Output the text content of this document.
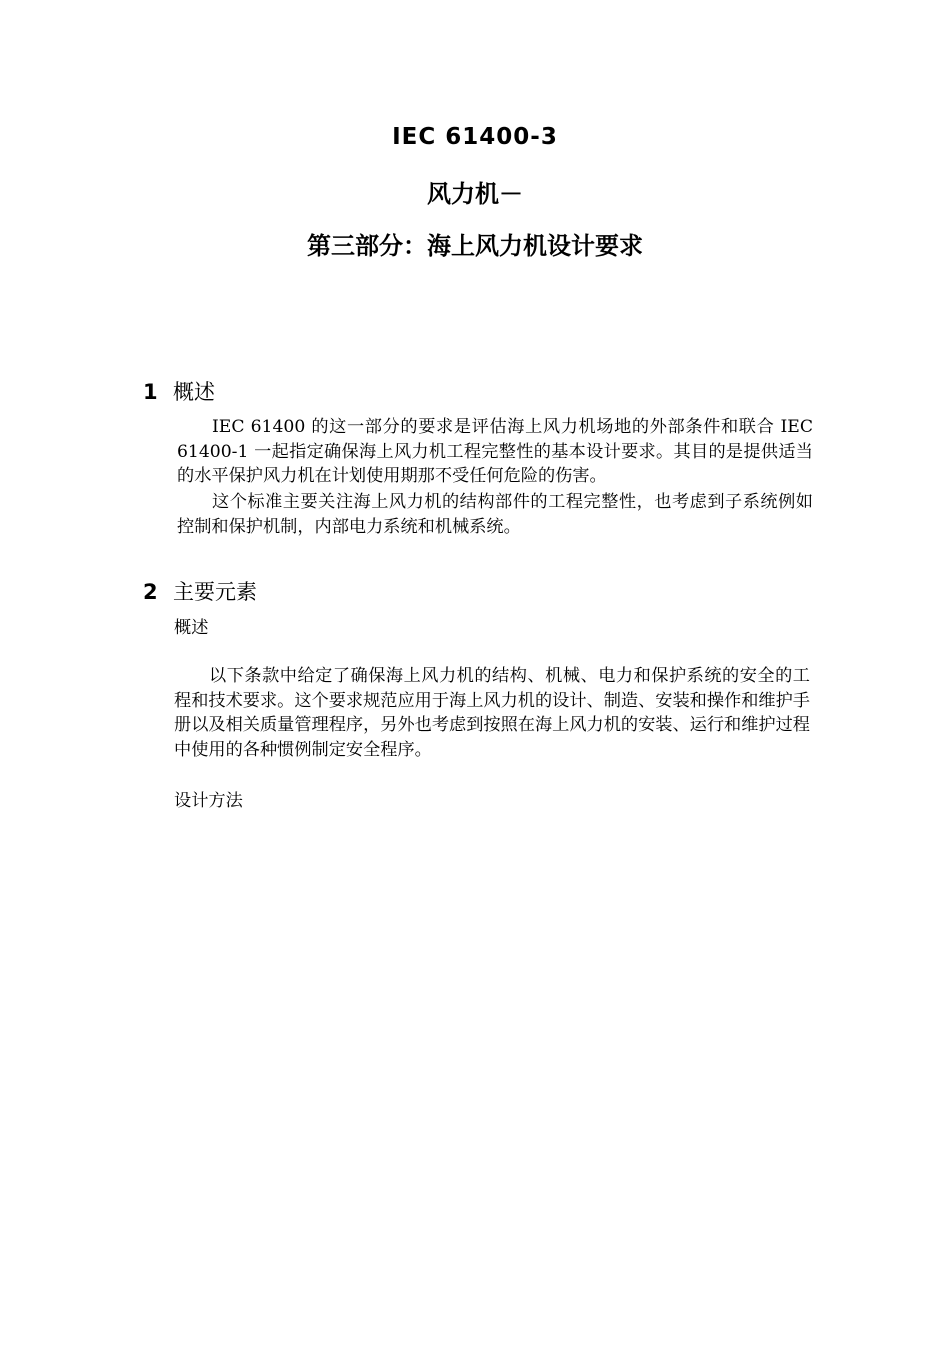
IEC 61400-3
风力机－
第三部分：海上风力机设计要求
1 概述
IEC 61400 的这一部分的要求是评估海上风力机场地的外部条件和联合 IEC 61400-1 一起指定确保海上风力机工程完整性的基本设计要求。其目的是提供适当的水平保护风力机在计划使用期那不受任何危险的伤害。
这个标准主要关注海上风力机的结构部件的工程完整性，也考虑到子系统例如控制和保护机制，内部电力系统和机械系统。
2 主要元素
概述
以下条款中给定了确保海上风力机的结构、机械、电力和保护系统的安全的工程和技术要求。这个要求规范应用于海上风力机的设计、制造、安装和操作和维护手册以及相关质量管理程序，另外也考虑到按照在海上风力机的安装、运行和维护过程中使用的各种惯例制定安全程序。
设计方法
